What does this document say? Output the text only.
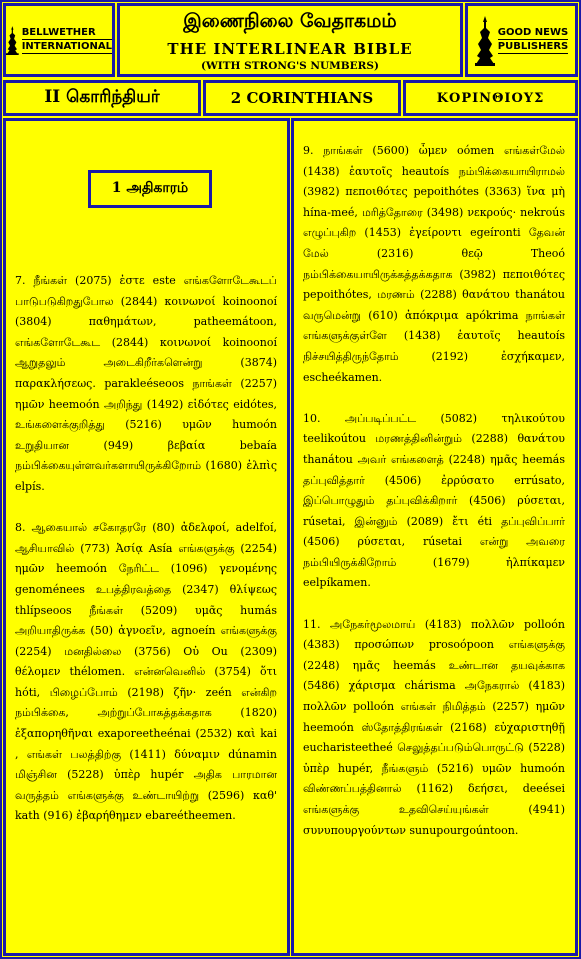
BELLWETHER
INTERNATIONAL
இணைநிலை வேதாகமம்
THE INTERLINEAR BIBLE
(WITH STRONG'S NUMBERS)
GOOD NEWS
PUBLISHERS
II கொரிந்தியர்	2 CORINTHIANS	ΚΟΡΙΝΘΙΟΥΣ
1 அதிகாரம்

7. நீங்கள் (2075) ἐστε este எங்களோடேகூடப் பாடுபடுகிறதுபோல (2844) κοινωνοί koinoonoí (3804) παθημάτων, patheemátoon, எங்களோடேகூட (2844) κοινωνοί koinoonoí ஆறுதலும் அடைகிறீர்களென்று (3874) παρακλήσεως. parakleéseoos நாங்கள் (2257) ημῶν heemoón அறிந்து (1492) εἰδότες eidótes, உங்களைக்குறித்து (5216) υμῶν humoón உறுதியான (949) βεβαία bebaía நம்பிக்கையுள்ளவர்களாயிருக்கிறோம் (1680) ἐλπὶς elpís.

8. ஆகையால் சகோதரரே (80) ἀδελφοί, adelfoí, ஆசியாவில் (773) Ἀσίᾳ Asía எங்களுக்கு (2254) ημῶν heemoón நேரிட்ட (1096) γενομένης genoménees உபத்திரவத்தை (2347) θλίψεως thlípseoos நீங்கள் (5209) υμᾶς humás அறியாதிருக்க (50) ἀγνοεῖν, agnoeín எங்களுக்கு (2254) மனதில்லை (3756) Οὐ Ou (2309) θέλομεν thélomen. என்னவெனில் (3754) ὅτι hóti, பிழைப்போம் (2198) ζῆν· zeén என்கிற நம்பிக்கை, அற்றுப்போகத்தக்கதாக (1820) ἐξαπορηθῆναι exaporeetheénai (2532) καὶ kai , எங்கள் பலத்திற்கு (1411) δύναμιν dúnamin மிஞ்சின (5228) ὑπὲρ hupér அதிக பாரமான வருத்தம் எங்களுக்கு உண்டாயிற்று (2596) καθ' kath (916) ἐβαρήθημεν ebareétheemen.

9. நாங்கள் (5600) ὦμεν oómen எங்கள்மேல் (1438) ἑαυτοῖς heautoís நம்பிக்கையாயிராமல் (3982) πεποιθότες pepoithótes (3363) ἵνα μὴ hína-meé, மரித்தோரை (3498) νεκρούς· nekroús எழுப்புகிற (1453) ἐγείροντι egeíronti தேவன் மேல் (2316) θεῷ Theoó நம்பிக்கையாயிருக்கத்தக்கதாக (3982) πεποιθότες pepoithótes, மரணம் (2288) θανάτου thanátou வருமென்று (610) ἀπόκριμα apókrima நாங்கள் எங்களுக்குள்ளே (1438) ἑαυτοῖς heautoís நிச்சயித்திருந்தோம் (2192) ἐσχήκαμεν, escheékamen.

10. அப்படிப்பட்ட (5082) τηλικούτου teelikoútou மரணத்தினின்றும் (2288) θανάτου thanátou அவர் எங்களைத் (2248) ημᾶς heemás தப்புவித்தார் (4506) ἐρρύσατο errúsato, இப்பொழுதும் தப்புவிக்கிறார் (4506) ρύσεται, rúsetai, இன்னும் (2089) ἔτι éti தப்புவிப்பார் (4506) ρύσεται, rúsetai என்று அவரை நம்பியிருக்கிறோம் (1679) ἠλπίκαμεν eelpíkamen.

11. அநேகர்மூலமாய் (4183) πολλῶν polloón (4383) προσώπων prosoópoon எங்களுக்கு (2248) ημᾶς heemás உண்டான தயவுக்காக (5486) χάρισμα chárisma அநேகரால் (4183) πολλῶν polloón எங்கள் நிமித்தம் (2257) ημῶν heemoón ஸ்தோத்திரங்கள் (2168) εὐχαριστηθῇ eucharisteetheé செலுத்தப்படும்பொருட்டு (5228) ὑπὲρ hupér, நீங்களும் (5216) υμῶν humoón விண்ணப்பத்தினால் (1162) δεήσει, deeései எங்களுக்கு உதவிசெய்யுங்கள் (4941) συνυπουργούντων sunupourgoúntoon.
